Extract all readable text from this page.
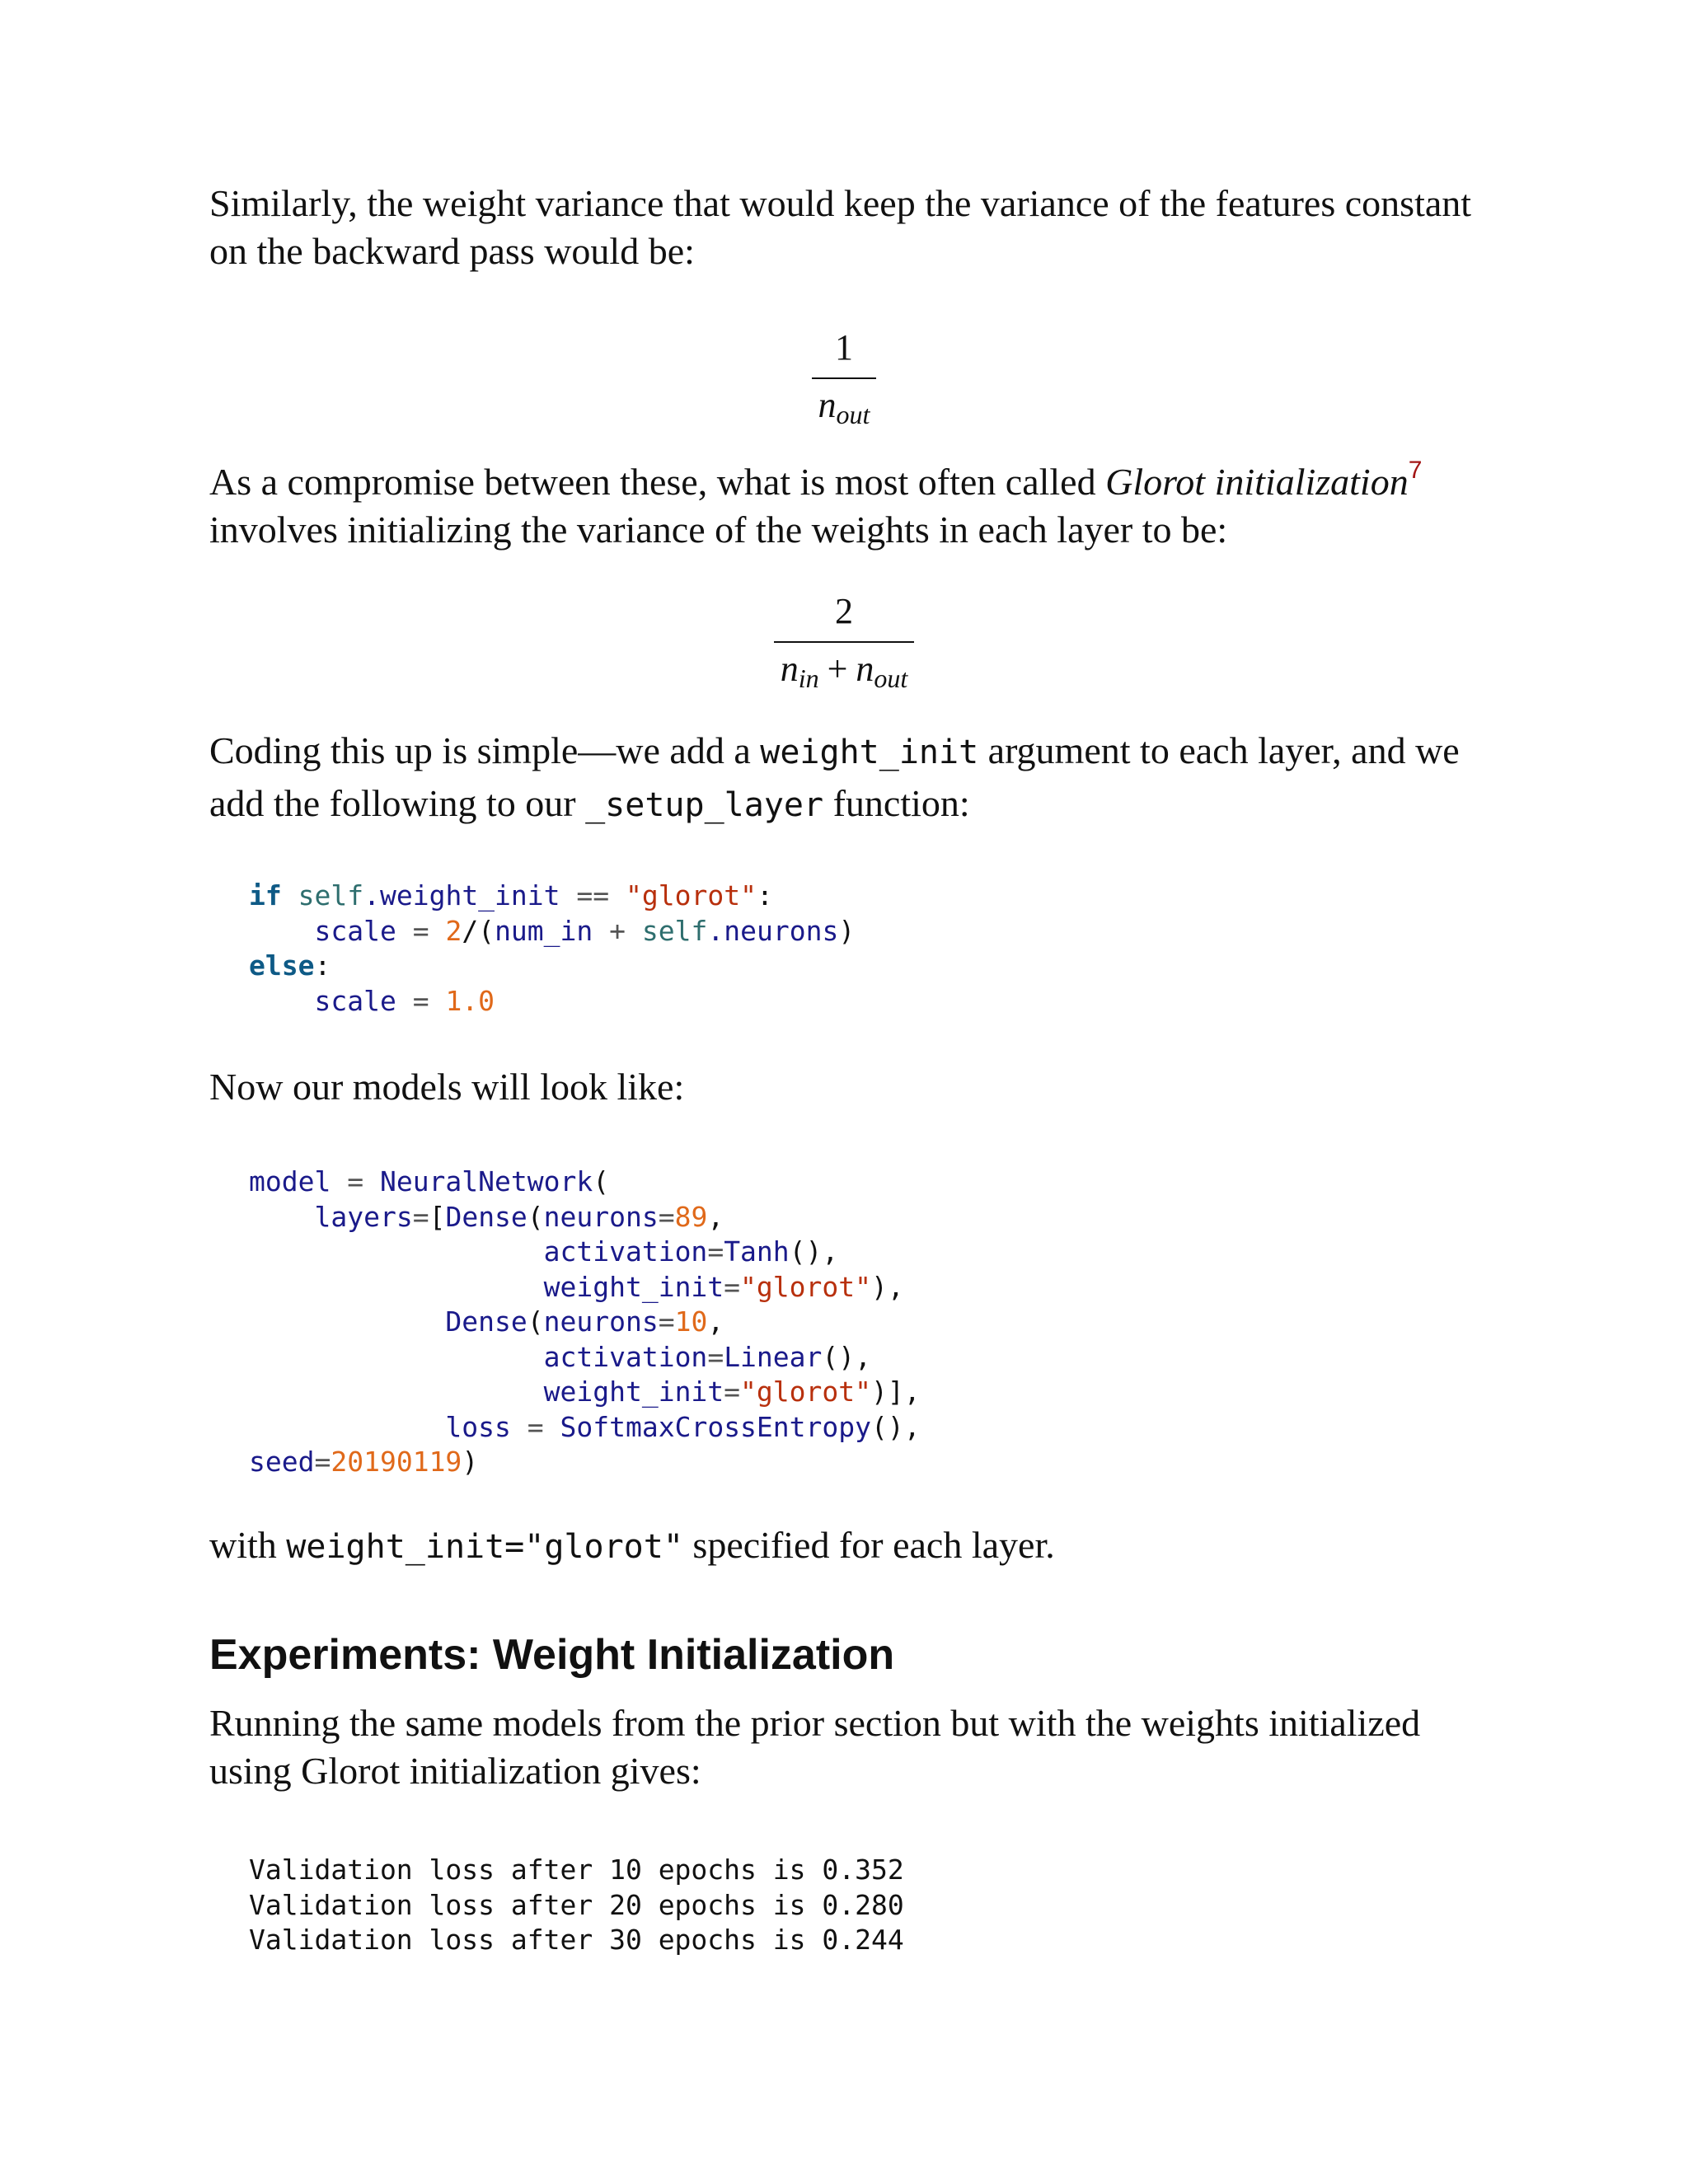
Similarly, the weight variance that would keep the variance of the features constant on the backward pass would be:

$\frac{1}{n_{out}}$

As a compromise between these, what is most often called Glorot initialization$^7$ involves initializing the variance of the weights in each layer to be:

$\frac{2}{n_{in} + n_{out}}$

Coding this up is simple—we add a weight_init argument to each layer, and we add the following to our _setup_layer function:

if self.weight_init == "glorot":
scale = 2/(num_in + self.neurons)
else:
scale = 1.0

Now our models will look like:

model = NeuralNetwork(
layers=[Dense(neurons=89,
activation=Tanh(),
weight_init="glorot"),
Dense(neurons=10,
activation=Linear(),
weight_init="glorot")],
loss = SoftmaxCrossEntropy(),
seed=20190119)

with weight_init="glorot" specified for each layer.

Experiments: Weight Initialization

Running the same models from the prior section but with the weights initialized using Glorot initialization gives:

Validation loss after 10 epochs is 0.352
Validation loss after 20 epochs is 0.280
Validation loss after 30 epochs is 0.244
